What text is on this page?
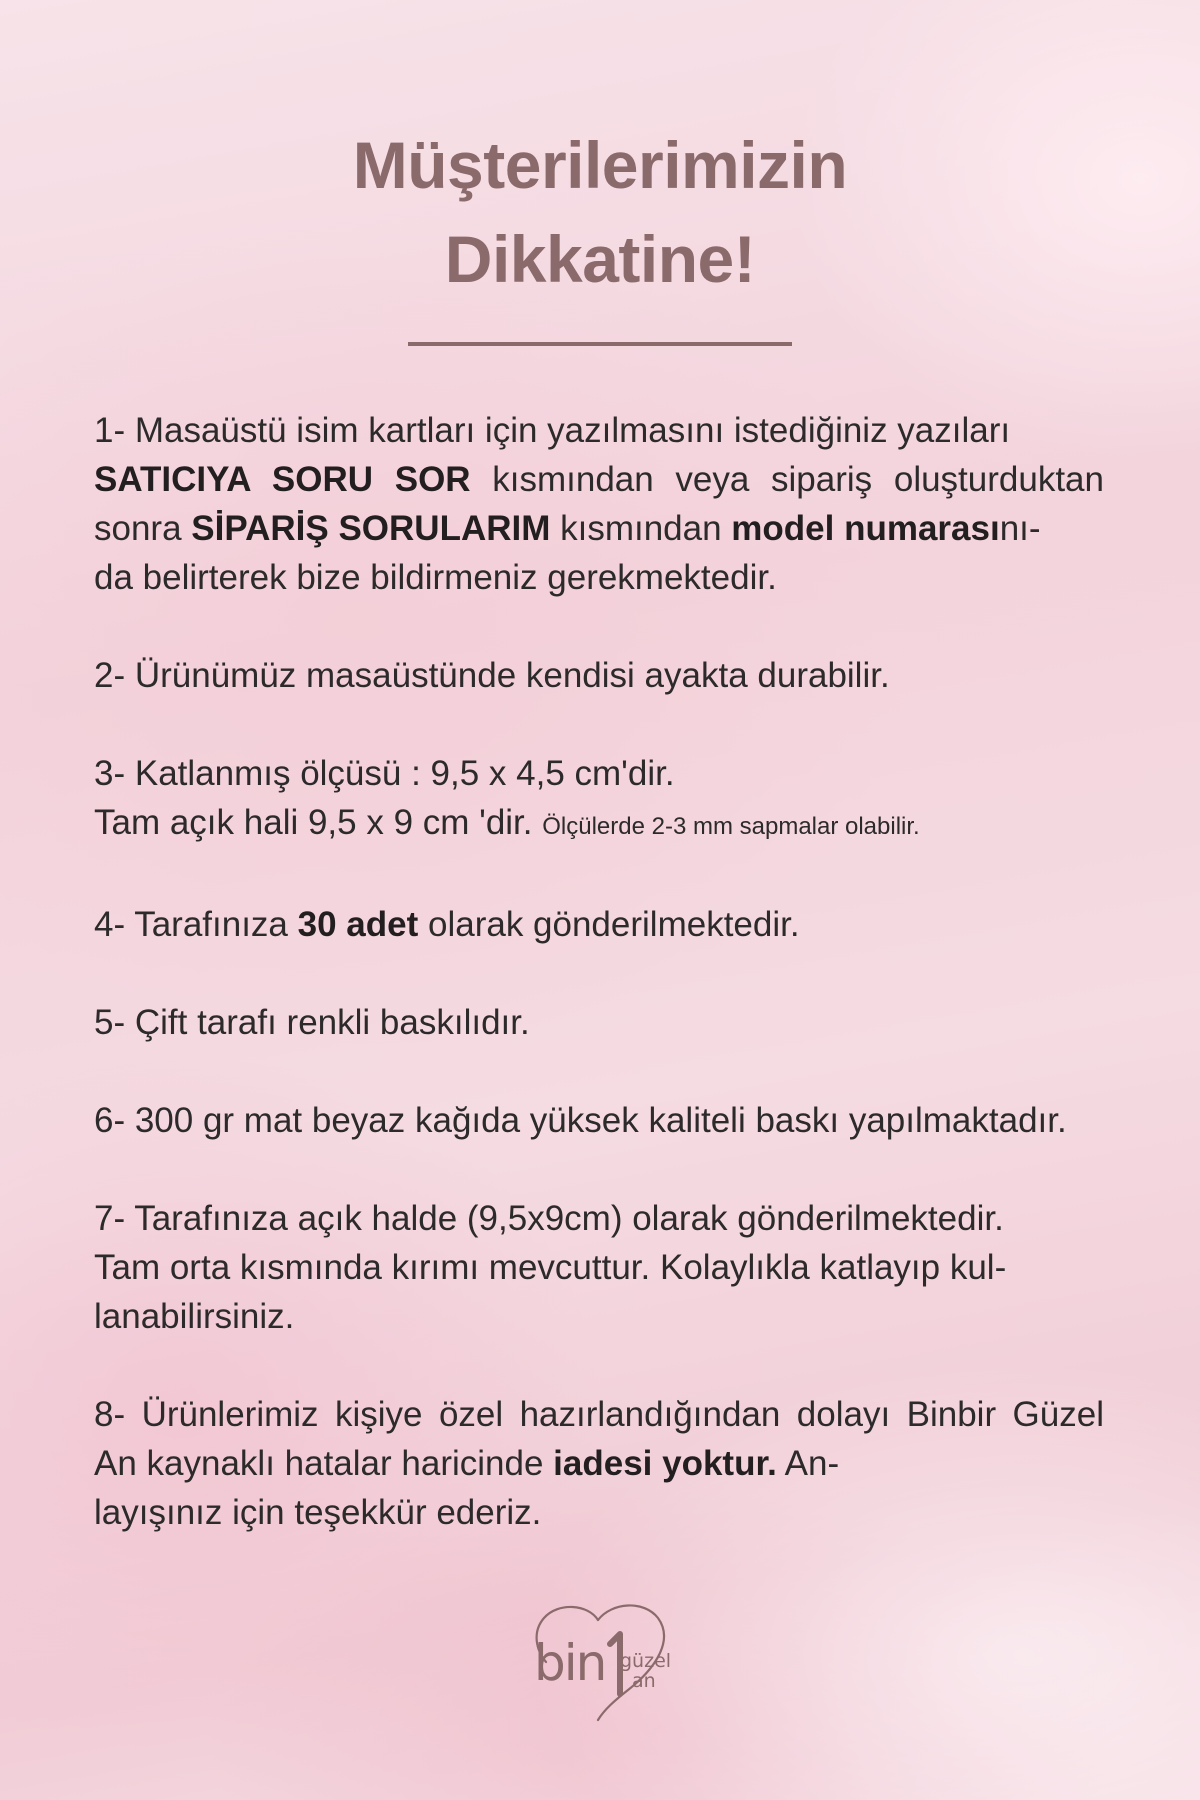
Müşterilerimizin
Dikkatine!

1- Masaüstü isim kartları için yazılmasını istediğiniz yazıları
SATICIYA SORU SOR kısmından veya sipariş oluşturduktan sonra SİPARİŞ SORULARIM kısmından model numarasını-
da belirterek bize bildirmeniz gerekmektedir.

2- Ürünümüz masaüstünde kendisi ayakta durabilir.

3- Katlanmış ölçüsü : 9,5 x 4,5 cm'dir.
Tam açık hali 9,5 x 9 cm 'dir. Ölçülerde 2-3 mm sapmalar olabilir.

4- Tarafınıza 30 adet olarak gönderilmektedir.

5- Çift tarafı renkli baskılıdır.

6- 300 gr mat beyaz kağıda yüksek kaliteli baskı yapılmaktadır.

7- Tarafınıza açık halde (9,5x9cm) olarak gönderilmektedir.
Tam orta kısmında kırımı mevcuttur. Kolaylıkla katlayıp kul-
lanabilirsiniz.

8- Ürünlerimiz kişiye özel hazırlandığından dolayı Binbir Güzel An kaynaklı hatalar haricinde iadesi yoktur. An-
layışınız için teşekkür ederiz.

bin güzel
an
